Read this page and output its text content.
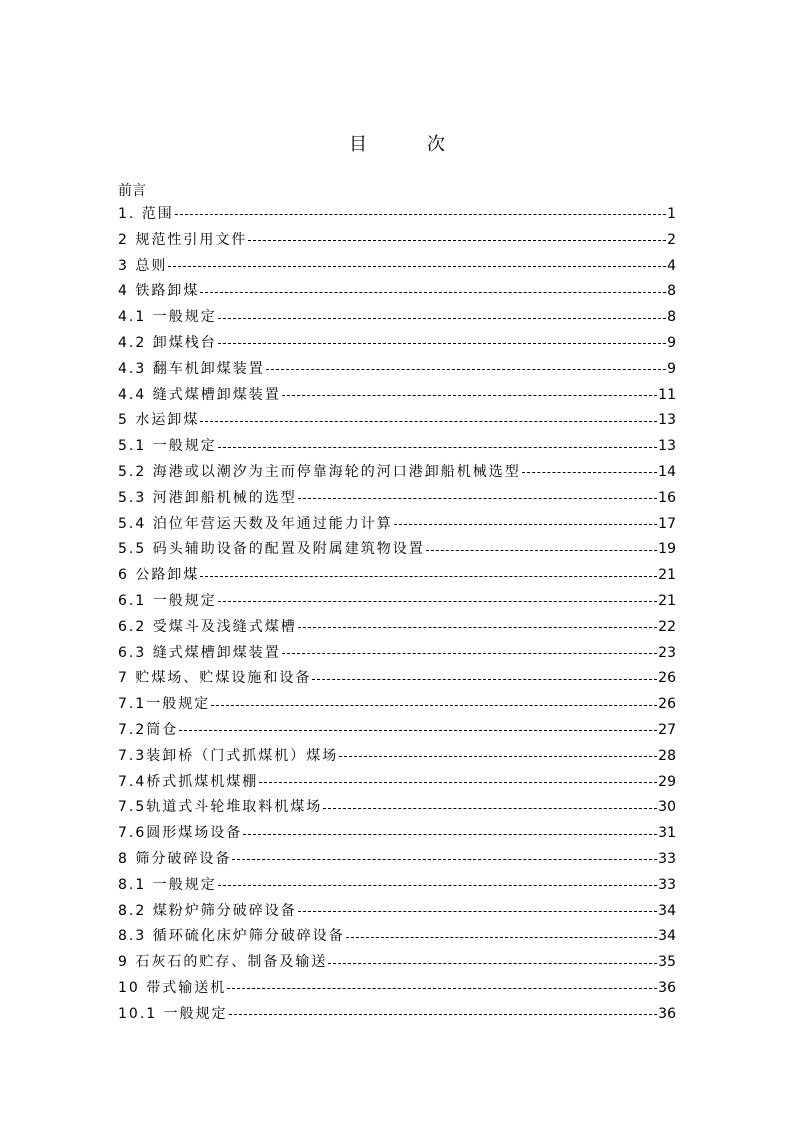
目	次
前言
1. 范围	1
2 规范性引用文件	2
3 总则	4
4 铁路卸煤	8
4.1 一般规定	8
4.2 卸煤栈台	9
4.3 翻车机卸煤装置	9
4.4 缝式煤槽卸煤装置	11
5 水运卸煤	13
5.1 一般规定	13
5.2 海港或以潮汐为主而停靠海轮的河口港卸船机械选型	14
5.3 河港卸船机械的选型	16
5.4 泊位年营运天数及年通过能力计算	17
5.5 码头辅助设备的配置及附属建筑物设置	19
6 公路卸煤	21
6.1 一般规定	21
6.2 受煤斗及浅缝式煤槽	22
6.3 缝式煤槽卸煤装置	23
7 贮煤场、贮煤设施和设备	26
7.1一般规定	26
7.2筒仓	27
7.3装卸桥（门式抓煤机）煤场	28
7.4桥式抓煤机煤棚	29
7.5轨道式斗轮堆取料机煤场	30
7.6圆形煤场设备	31
8 筛分破碎设备	33
8.1 一般规定	33
8.2 煤粉炉筛分破碎设备	34
8.3 循环硫化床炉筛分破碎设备	34
9 石灰石的贮存、制备及输送	35
10 带式输送机	36
10.1 一般规定	36
